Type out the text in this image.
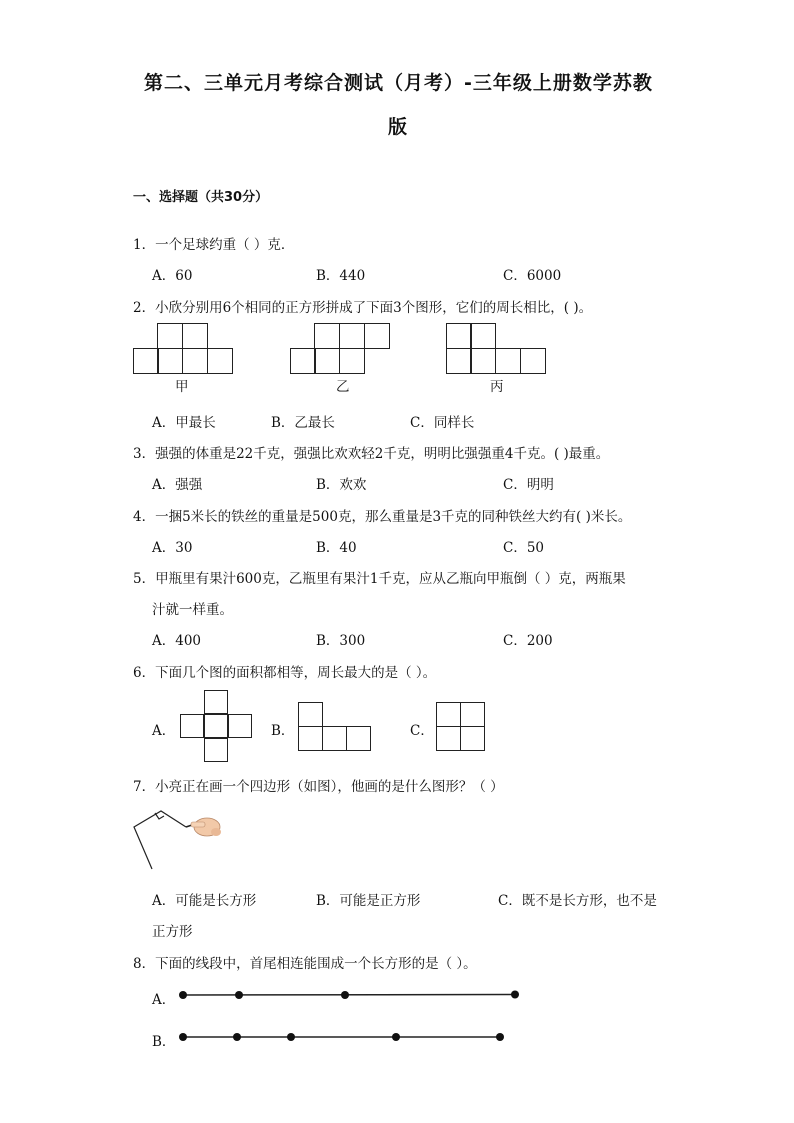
第二、三单元月考综合测试（月考）-三年级上册数学苏教
版
一、选择题（共30分）
1．一个足球约重（ ）克．
A．60	B．440	C．6000
2．小欣分别用6个相同的正方形拼成了下面3个图形，它们的周长相比，( )。
甲	乙	丙
A．甲最长	B．乙最长	C．同样长
3．强强的体重是22千克，强强比欢欢轻2千克，明明比强强重4千克。( )最重。
A．强强	B．欢欢	C．明明
4．一捆5米长的铁丝的重量是500克，那么重量是3千克的同种铁丝大约有( )米长。
A．30	B．40	C．50
5．甲瓶里有果汁600克，乙瓶里有果汁1千克，应从乙瓶向甲瓶倒（ ）克，两瓶果
汁就一样重。
A．400	B．300	C．200
6．下面几个图的面积都相等，周长最大的是（ ）。
A．	B．	C．
7．小亮正在画一个四边形（如图），他画的是什么图形？（ ）
A．可能是长方形	B．可能是正方形	C．既不是长方形，也不是
正方形
8．下面的线段中，首尾相连能围成一个长方形的是（ ）。
A．
B．
